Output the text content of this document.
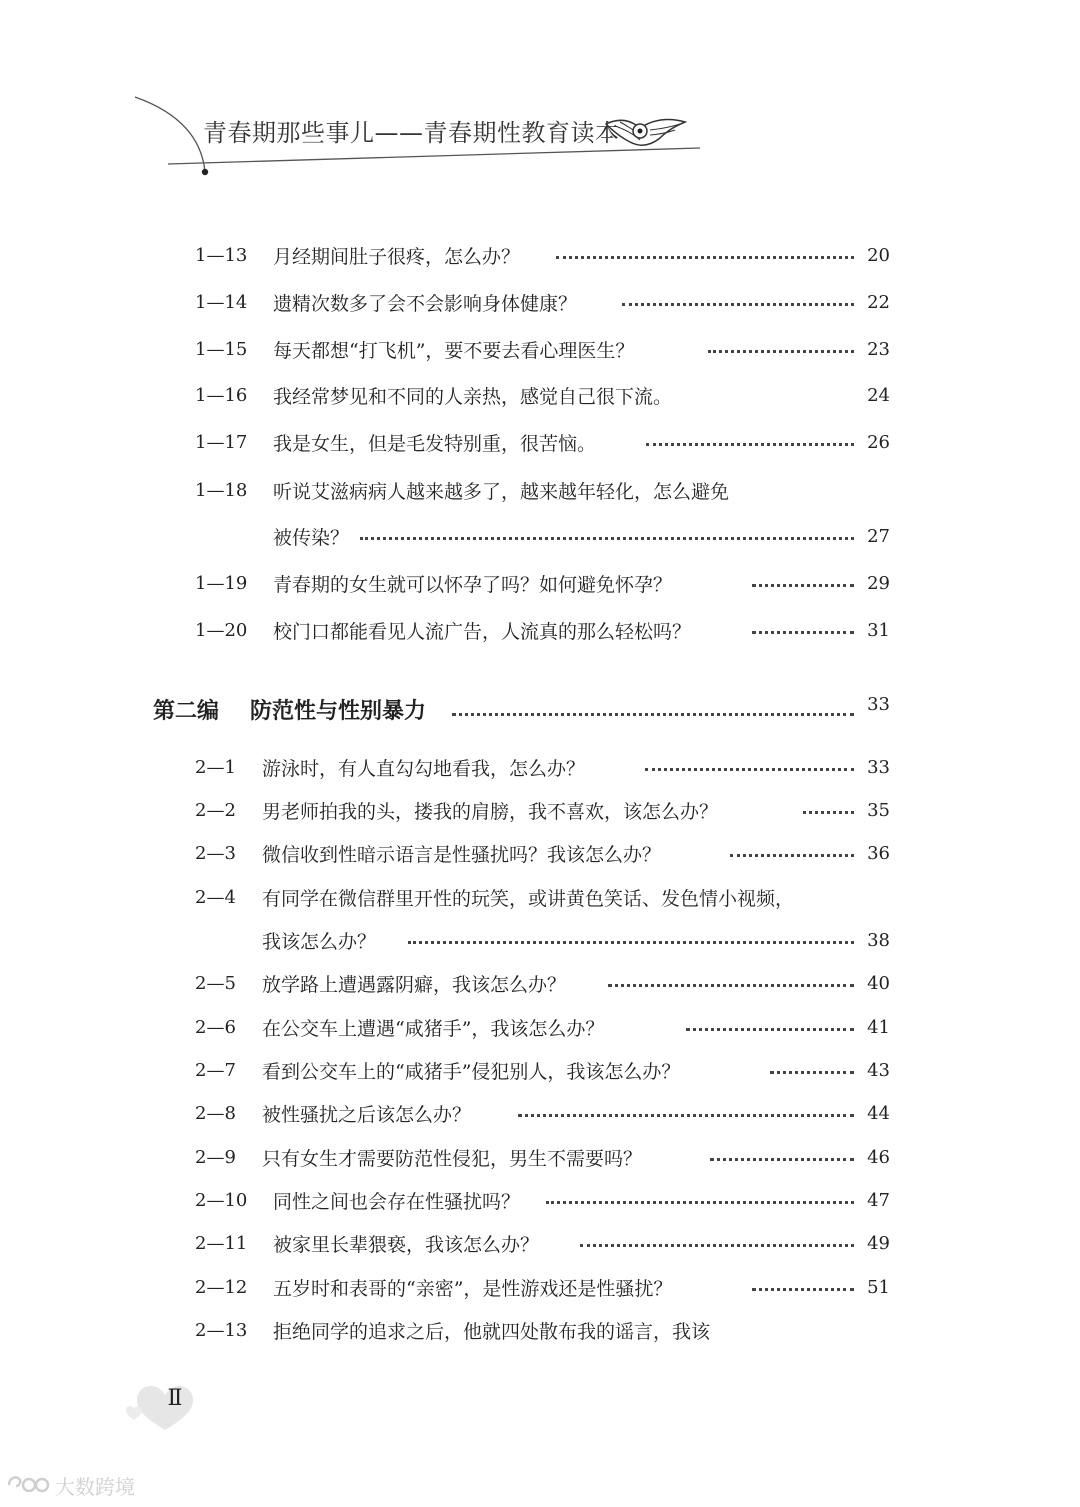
青春期那些事儿——青春期性教育读本
1—13 月经期间肚子很疼，怎么办？	20
1—14 遗精次数多了会不会影响身体健康？	22
1—15 每天都想“打飞机”，要不要去看心理医生？	23
1—16 我经常梦见和不同的人亲热，感觉自己很下流。	24
1—17 我是女生，但是毛发特别重，很苦恼。	26
1—18 听说艾滋病病人越来越多了，越来越年轻化，怎么避免
被传染？	27
1—19 青春期的女生就可以怀孕了吗？如何避免怀孕？	29
1—20 校门口都能看见人流广告，人流真的那么轻松吗？	31
第二编 防范性与性别暴力	33
2—1 游泳时，有人直勾勾地看我，怎么办？	33
2—2 男老师拍我的头，搂我的肩膀，我不喜欢，该怎么办？	35
2—3 微信收到性暗示语言是性骚扰吗？我该怎么办？	36
2—4 有同学在微信群里开性的玩笑，或讲黄色笑话、发色情小视频，
我该怎么办？	38
2—5 放学路上遭遇露阴癖，我该怎么办？	40
2—6 在公交车上遭遇“咸猪手”，我该怎么办？	41
2—7 看到公交车上的“咸猪手”侵犯别人，我该怎么办？	43
2—8 被性骚扰之后该怎么办？	44
2—9 只有女生才需要防范性侵犯，男生不需要吗？	46
2—10 同性之间也会存在性骚扰吗？	47
2—11 被家里长辈猥亵，我该怎么办？	49
2—12 五岁时和表哥的“亲密”，是性游戏还是性骚扰？	51
2—13 拒绝同学的追求之后，他就四处散布我的谣言，我该
Ⅱ
大数跨境
